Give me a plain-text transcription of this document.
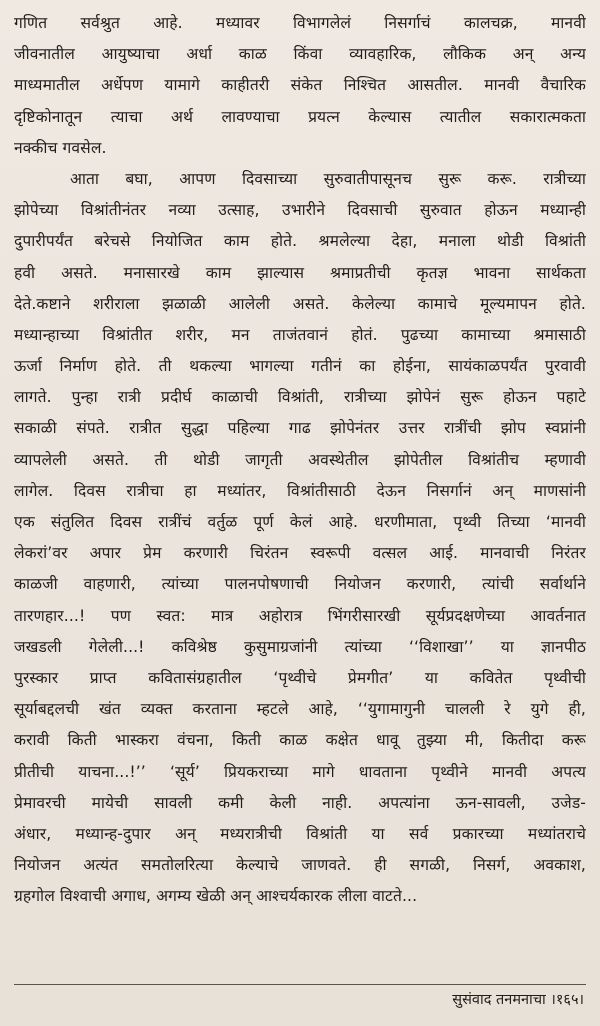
गणित सर्वश्रुत आहे. मध्यावर विभागलेलं निसर्गाचं कालचक्र, मानवी
जीवनातील आयुष्याचा अर्धा काळ किंवा व्यावहारिक, लौकिक अन् अन्य
माध्यमातील अर्धेपण यामागे काहीतरी संकेत निश्चित आसतील. मानवी वैचारिक
दृष्टिकोनातून त्याचा अर्थ लावण्याचा प्रयत्न केल्यास त्यातील सकारात्मकता
नक्कीच गवसेल.
आता बघा, आपण दिवसाच्या सुरुवातीपासूनच सुरू करू. रात्रीच्या
झोपेच्या विश्रांतीनंतर नव्या उत्साह, उभारीने दिवसाची सुरुवात होऊन मध्यान्ही
दुपारीपर्यंत बरेचसे नियोजित काम होते. श्रमलेल्या देहा, मनाला थोडी विश्रांती
हवी असते. मनासारखे काम झाल्यास श्रमाप्रतीची कृतज्ञ भावना सार्थकता
देते.कष्टाने शरीराला झळाळी आलेली असते. केलेल्या कामाचे मूल्यमापन होते.
मध्यान्हाच्या विश्रांतीत शरीर, मन ताजंतवानं होतं. पुढच्या कामाच्या श्रमासाठी
ऊर्जा निर्माण होते. ती थकल्या भागल्या गतीनं का होईना, सायंकाळपर्यंत पुरवावी
लागते. पुन्हा रात्री प्रदीर्घ काळाची विश्रांती, रात्रीच्या झोपेनं सुरू होऊन पहाटे
सकाळी संपते. रात्रीत सुद्धा पहिल्या गाढ झोपेनंतर उत्तर रात्रींची झोप स्वप्नांनी
व्यापलेली असते. ती थोडी जागृती अवस्थेतील झोपेतील विश्रांतीच म्हणावी
लागेल. दिवस रात्रीचा हा मध्यांतर, विश्रांतीसाठी देऊन निसर्गानं अन् माणसांनी
एक संतुलित दिवस रात्रींचं वर्तुळ पूर्ण केलं आहे. धरणीमाता, पृथ्वी तिच्या ‘मानवी
लेकरां’वर अपार प्रेम करणारी चिरंतन स्वरूपी वत्सल आई. मानवाची निरंतर
काळजी वाहणारी, त्यांच्या पालनपोषणाची नियोजन करणारी, त्यांची सर्वार्थाने
तारणहार...! पण स्वत: मात्र अहोरात्र भिंगरीसारखी सूर्यप्रदक्षणेच्या आवर्तनात
जखडली गेलेली...! कविश्रेष्ठ कुसुमाग्रजांनी त्यांच्या ‘‘विशाखा’’ या ज्ञानपीठ
पुरस्कार प्राप्त कवितासंग्रहातील ‘पृथ्वीचे प्रेमगीत’ या कवितेत पृथ्वीची
सूर्याबद्दलची खंत व्यक्त करताना म्हटले आहे, ‘‘युगामागुनी चालली रे युगे ही,
करावी किती भास्करा वंचना, किती काळ कक्षेत धावू तुझ्या मी, कितीदा करू
प्रीतीची याचना...!’’ ‘सूर्य’ प्रियकराच्या मागे धावताना पृथ्वीने मानवी अपत्य
प्रेमावरची मायेची सावली कमी केली नाही. अपत्यांना ऊन-सावली, उजेड-
अंधार, मध्यान्ह-दुपार अन् मध्यरात्रीची विश्रांती या सर्व प्रकारच्या मध्यांतराचे
नियोजन अत्यंत समतोलरित्या केल्याचे जाणवते. ही सगळी, निसर्ग, अवकाश,
ग्रहगोल विश्वाची अगाध, अगम्य खेळी अन् आश्चर्यकारक लीला वाटते...
सुसंवाद तनमनाचा ।१६५।
